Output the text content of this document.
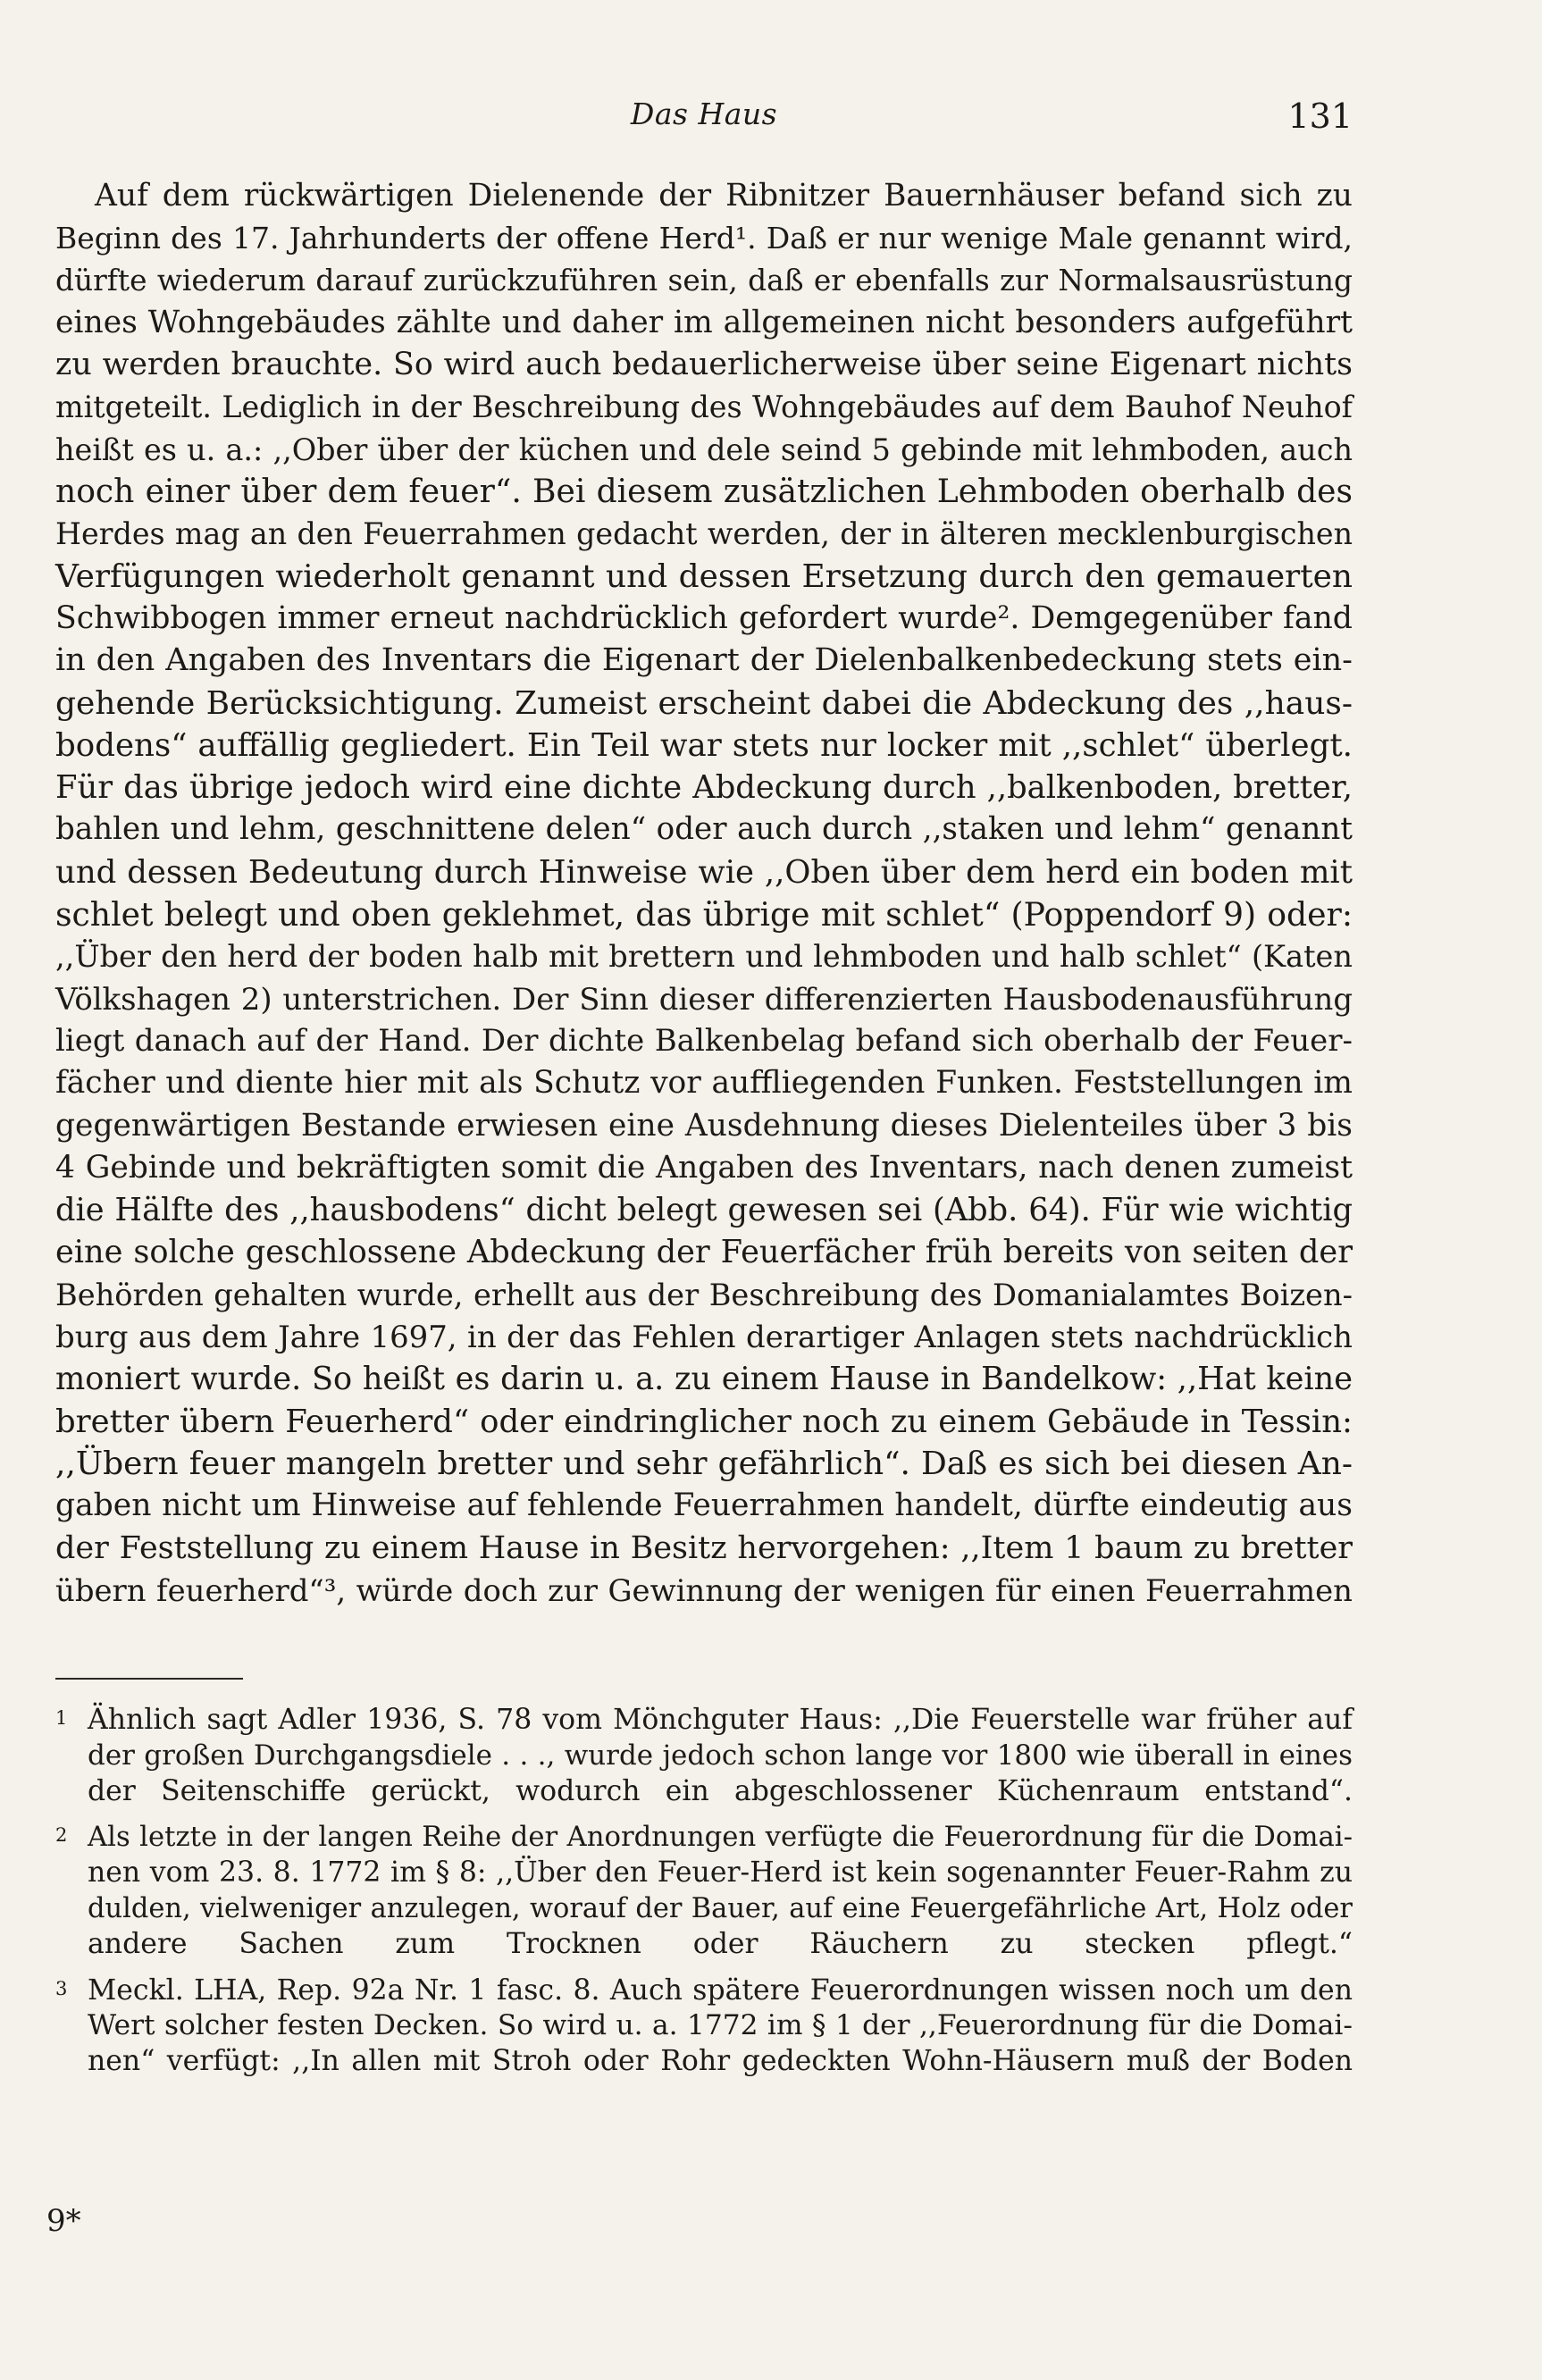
Das Haus	131
Auf dem rückwärtigen Dielenende der Ribnitzer Bauernhäuser befand sich zu
Beginn des 17. Jahrhunderts der offene Herd¹. Daß er nur wenige Male genannt wird,
dürfte wiederum darauf zurückzuführen sein, daß er ebenfalls zur Normalsausrüstung
eines Wohngebäudes zählte und daher im allgemeinen nicht besonders aufgeführt
zu werden brauchte. So wird auch bedauerlicherweise über seine Eigenart nichts
mitgeteilt. Lediglich in der Beschreibung des Wohngebäudes auf dem Bauhof Neuhof
heißt es u. a.: ,,Ober über der küchen und dele seind 5 gebinde mit lehmboden, auch
noch einer über dem feuer“. Bei diesem zusätzlichen Lehmboden oberhalb des
Herdes mag an den Feuerrahmen gedacht werden, der in älteren mecklenburgischen
Verfügungen wiederholt genannt und dessen Ersetzung durch den gemauerten
Schwibbogen immer erneut nachdrücklich gefordert wurde². Demgegenüber fand
in den Angaben des Inventars die Eigenart der Dielenbalkenbedeckung stets ein-
gehende Berücksichtigung. Zumeist erscheint dabei die Abdeckung des ,,haus-
bodens“ auffällig gegliedert. Ein Teil war stets nur locker mit ,,schlet“ überlegt.
Für das übrige jedoch wird eine dichte Abdeckung durch ,,balkenboden, bretter,
bahlen und lehm, geschnittene delen“ oder auch durch ,,staken und lehm“ genannt
und dessen Bedeutung durch Hinweise wie ,,Oben über dem herd ein boden mit
schlet belegt und oben geklehmet, das übrige mit schlet“ (Poppendorf 9) oder:
,,Über den herd der boden halb mit brettern und lehmboden und halb schlet“ (Katen
Völkshagen 2) unterstrichen. Der Sinn dieser differenzierten Hausbodenausführung
liegt danach auf der Hand. Der dichte Balkenbelag befand sich oberhalb der Feuer-
fächer und diente hier mit als Schutz vor auffliegenden Funken. Feststellungen im
gegenwärtigen Bestande erwiesen eine Ausdehnung dieses Dielenteiles über 3 bis
4 Gebinde und bekräftigten somit die Angaben des Inventars, nach denen zumeist
die Hälfte des ,,hausbodens“ dicht belegt gewesen sei (Abb. 64). Für wie wichtig
eine solche geschlossene Abdeckung der Feuerfächer früh bereits von seiten der
Behörden gehalten wurde, erhellt aus der Beschreibung des Domanialamtes Boizen-
burg aus dem Jahre 1697, in der das Fehlen derartiger Anlagen stets nachdrücklich
moniert wurde. So heißt es darin u. a. zu einem Hause in Bandelkow: ,,Hat keine
bretter übern Feuerherd“ oder eindringlicher noch zu einem Gebäude in Tessin:
,,Übern feuer mangeln bretter und sehr gefährlich“. Daß es sich bei diesen An-
gaben nicht um Hinweise auf fehlende Feuerrahmen handelt, dürfte eindeutig aus
der Feststellung zu einem Hause in Besitz hervorgehen: ,,Item 1 baum zu bretter
übern feuerherd“³, würde doch zur Gewinnung der wenigen für einen Feuerrahmen
1 Ähnlich sagt Adler 1936, S. 78 vom Mönchguter Haus: ,,Die Feuerstelle war früher auf
der großen Durchgangsdiele . . ., wurde jedoch schon lange vor 1800 wie überall in eines
der Seitenschiffe gerückt, wodurch ein abgeschlossener Küchenraum entstand“.
2 Als letzte in der langen Reihe der Anordnungen verfügte die Feuerordnung für die Domai-
nen vom 23. 8. 1772 im § 8: ,,Über den Feuer-Herd ist kein sogenannter Feuer-Rahm zu
dulden, vielweniger anzulegen, worauf der Bauer, auf eine Feuergefährliche Art, Holz oder
andere Sachen zum Trocknen oder Räuchern zu stecken pflegt.“
3 Meckl. LHA, Rep. 92a Nr. 1 fasc. 8. Auch spätere Feuerordnungen wissen noch um den
Wert solcher festen Decken. So wird u. a. 1772 im § 1 der ,,Feuerordnung für die Domai-
nen“ verfügt: ,,In allen mit Stroh oder Rohr gedeckten Wohn-Häusern muß der Boden
9*
